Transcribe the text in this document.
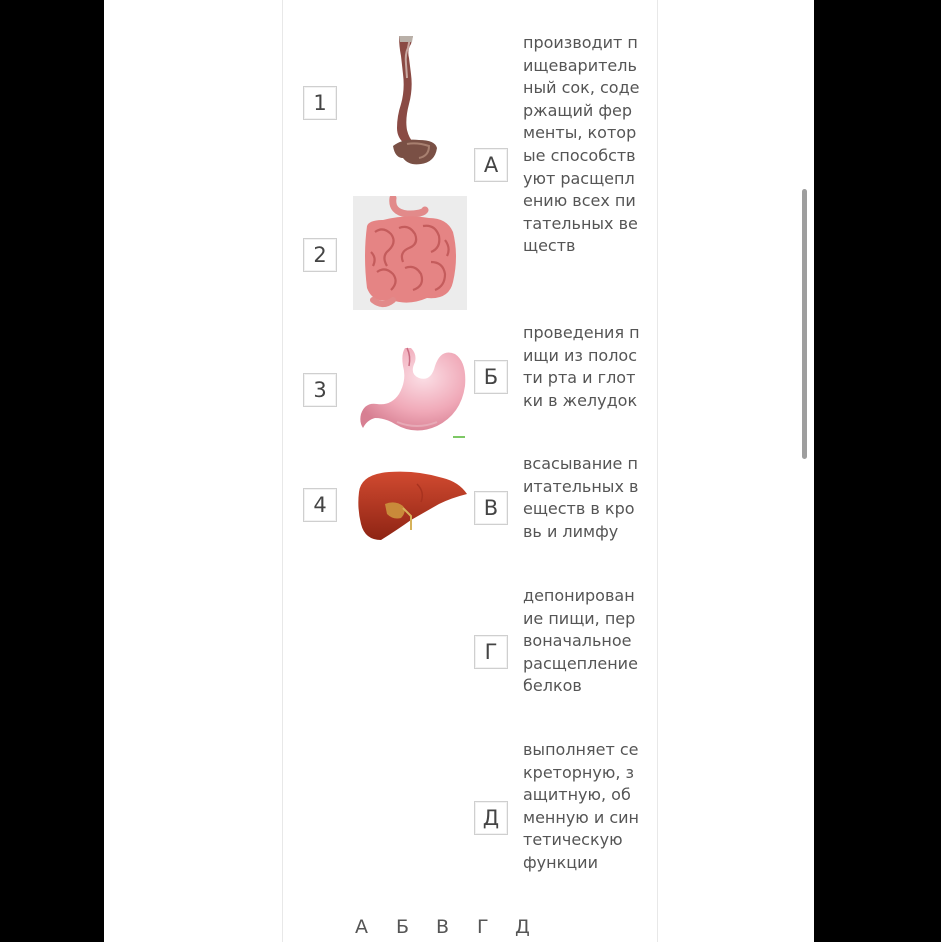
1
2
3
4
А
Б
В
Г
Д
производит пищеварительный сок, содержащий ферменты, которые способствуют расщеплению всех питательных веществ
проведения пищи из полости рта и глотки в желудок
всасывание питательных веществ в кровь и лимфу
депонирование пищи, первоначальное расщепление белков
выполняет секреторную, защитную, обменную и синтетическую функции
А Б В Г Д
